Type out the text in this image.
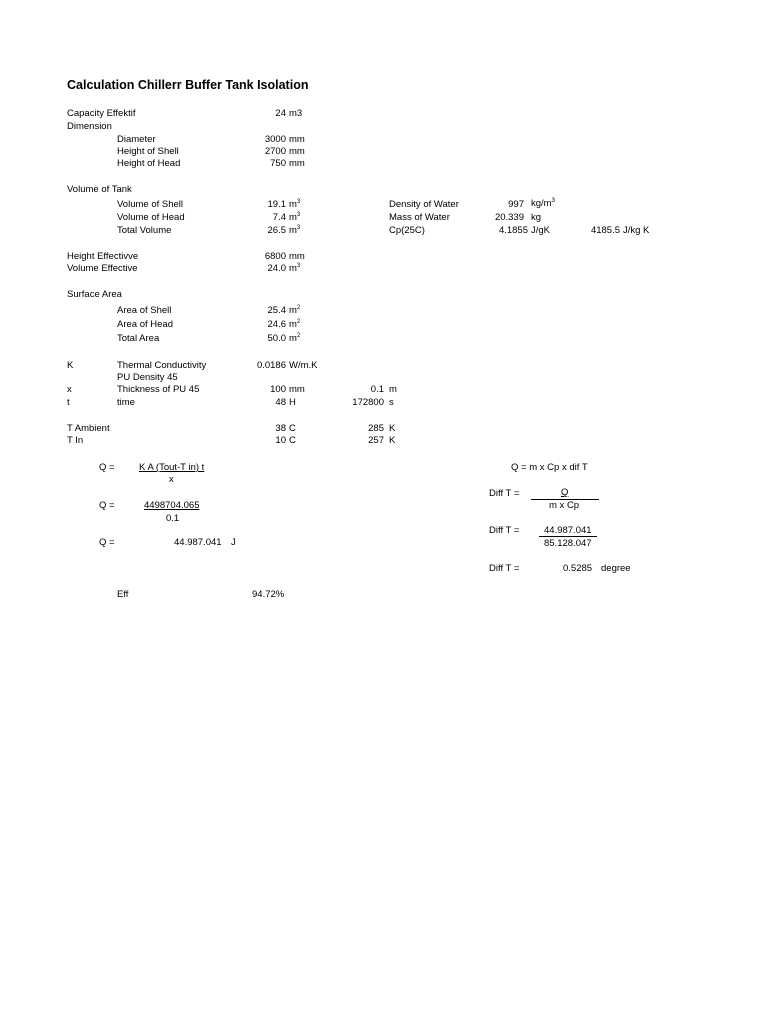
Calculation Chillerr Buffer Tank Isolation
Capacity Effektif	24 m3
Dimension
Diameter	3000 mm
Height of Shell	2700 mm
Height of Head	750 mm
Volume of Tank
Volume of Shell	19.1 $m^3$
Volume of Head	7.4 $m^3$
Total Volume	26.5 $m^3$
Density of Water	997 $kg/m^3$
Mass of Water	20.339 kg
Cp(25C)	4.1855 J/gK	4185.5 J/kg K
Height Effectivve	6800 mm
Volume Effective	24.0 $m^3$
Surface Area
Area of Shell	25.4 $m^2$
Area of Head	24.6 $m^2$
Total Area	50.0 $m^2$
K	Thermal Conductivity	0.0186 W/m.K
PU Density 45
x	Thickness of PU 45	100 mm	0.1 m
t	time	48 H	172800 s
T Ambient	38 C	285 K
T In	10 C	257 K
Q =	K A (Tout-T in) t
x
Q =	4498704.065
0.1
Q =	44.987.041 J
Q = m x Cp x dif T
Diff T =	Q
m x Cp
Diff T =	44.987.041
85.128.047
Diff T =	0.5285 degree
Eff	94.72%
